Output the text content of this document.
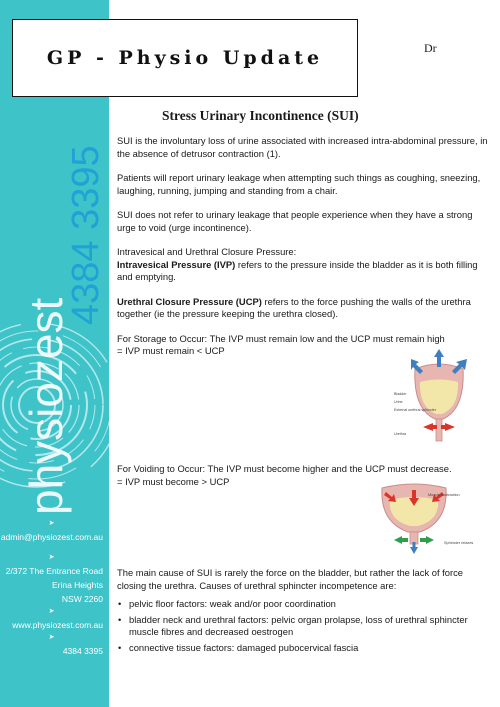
physiozest
4384 3395
➤
admin@physiozest.com.au
➤
2/372 The Entrance Road
Erina Heights
NSW 2260
➤
www.physiozest.com.au
➤
4384 3395
GP - Physio Update	Dr
Stress Urinary Incontinence (SUI)

SUI is the involuntary loss of urine associated with increased intra-abdominal pressure, in the absence of detrusor contraction (1).

Patients will report urinary leakage when attempting such things as coughing, sneezing, laughing, running, jumping and standing from a chair.

SUI does not refer to urinary leakage that people experience when they have a strong urge to void (urge incontinence).

Intravesical and Urethral Closure Pressure:

Intravesical Pressure (IVP) refers to the pressure inside the bladder as it is both filling and emptying.

Urethral Closure Pressure (UCP) refers to the force pushing the walls of the urethra together (ie the pressure keeping the urethra closed).

For Storage to Occur: The IVP must remain low and the UCP must remain high

= IVP must remain < UCP

Bladder
Urine
External urethral sphincter
Urethra

For Voiding to Occur: The IVP must become higher and the UCP must decrease.

= IVP must become > UCP

Muscle contraction
Sphincter relaxes

The main cause of SUI is rarely the force on the bladder, but rather the lack of force closing the urethra. Causes of urethral sphincter incompetence are:

• pelvic floor factors: weak and/or poor coordination
• bladder neck and urethral factors: pelvic organ prolapse, loss of urethral sphincter muscle fibres and decreased oestrogen
• connective tissue factors: damaged pubocervical fascia
